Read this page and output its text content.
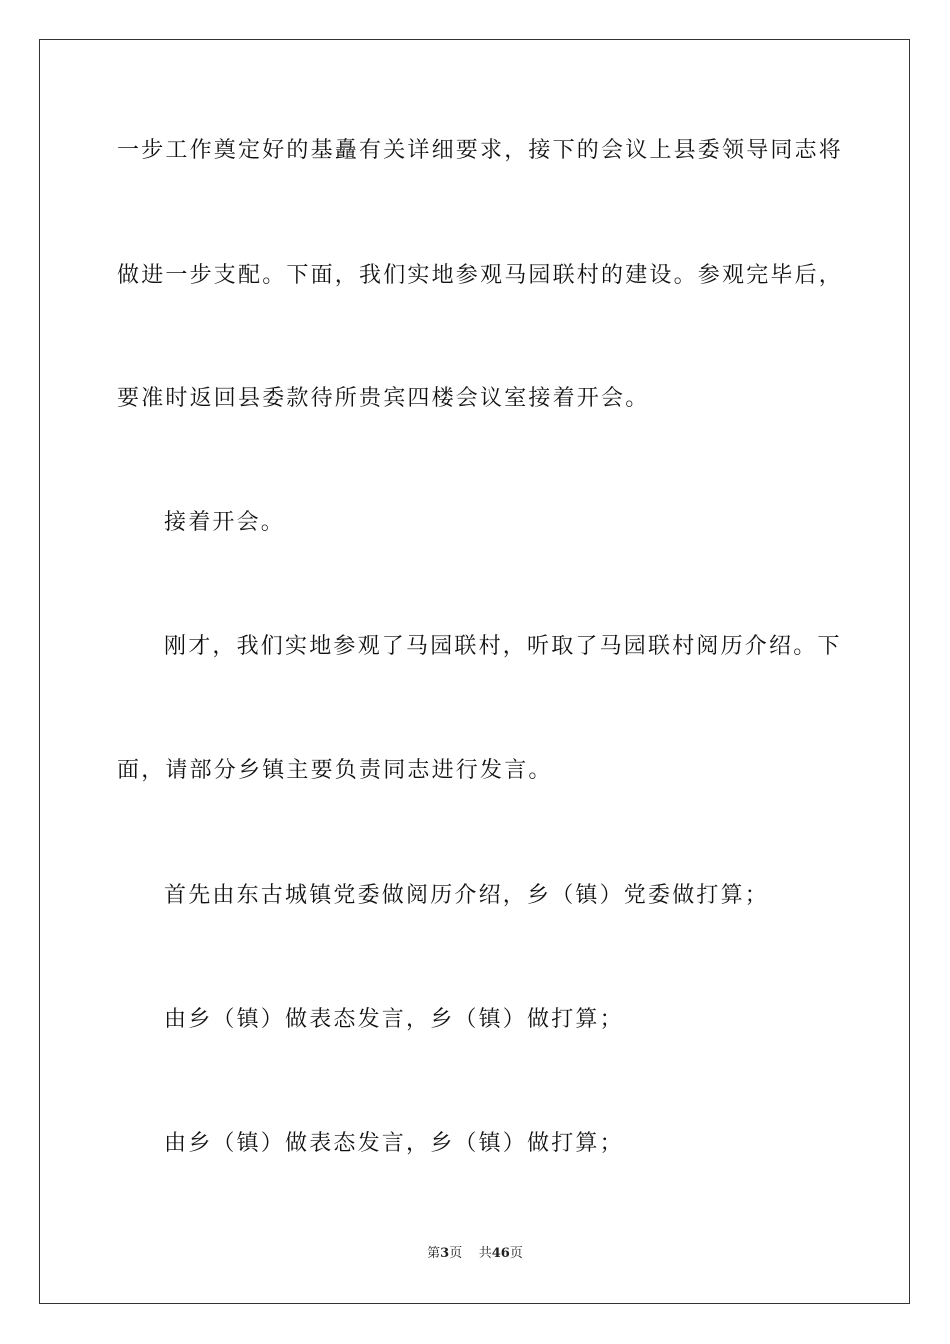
一步工作奠定好的基矗有关详细要求，接下的会议上县委领导同志将
做进一步支配。下面，我们实地参观马园联村的建设。参观完毕后，
要准时返回县委款待所贵宾四楼会议室接着开会。
接着开会。
刚才，我们实地参观了马园联村，听取了马园联村阅历介绍。下
面，请部分乡镇主要负责同志进行发言。
首先由东古城镇党委做阅历介绍，乡（镇）党委做打算；
由乡（镇）做表态发言，乡（镇）做打算；
由乡（镇）做表态发言，乡（镇）做打算；
第3页 共46页
